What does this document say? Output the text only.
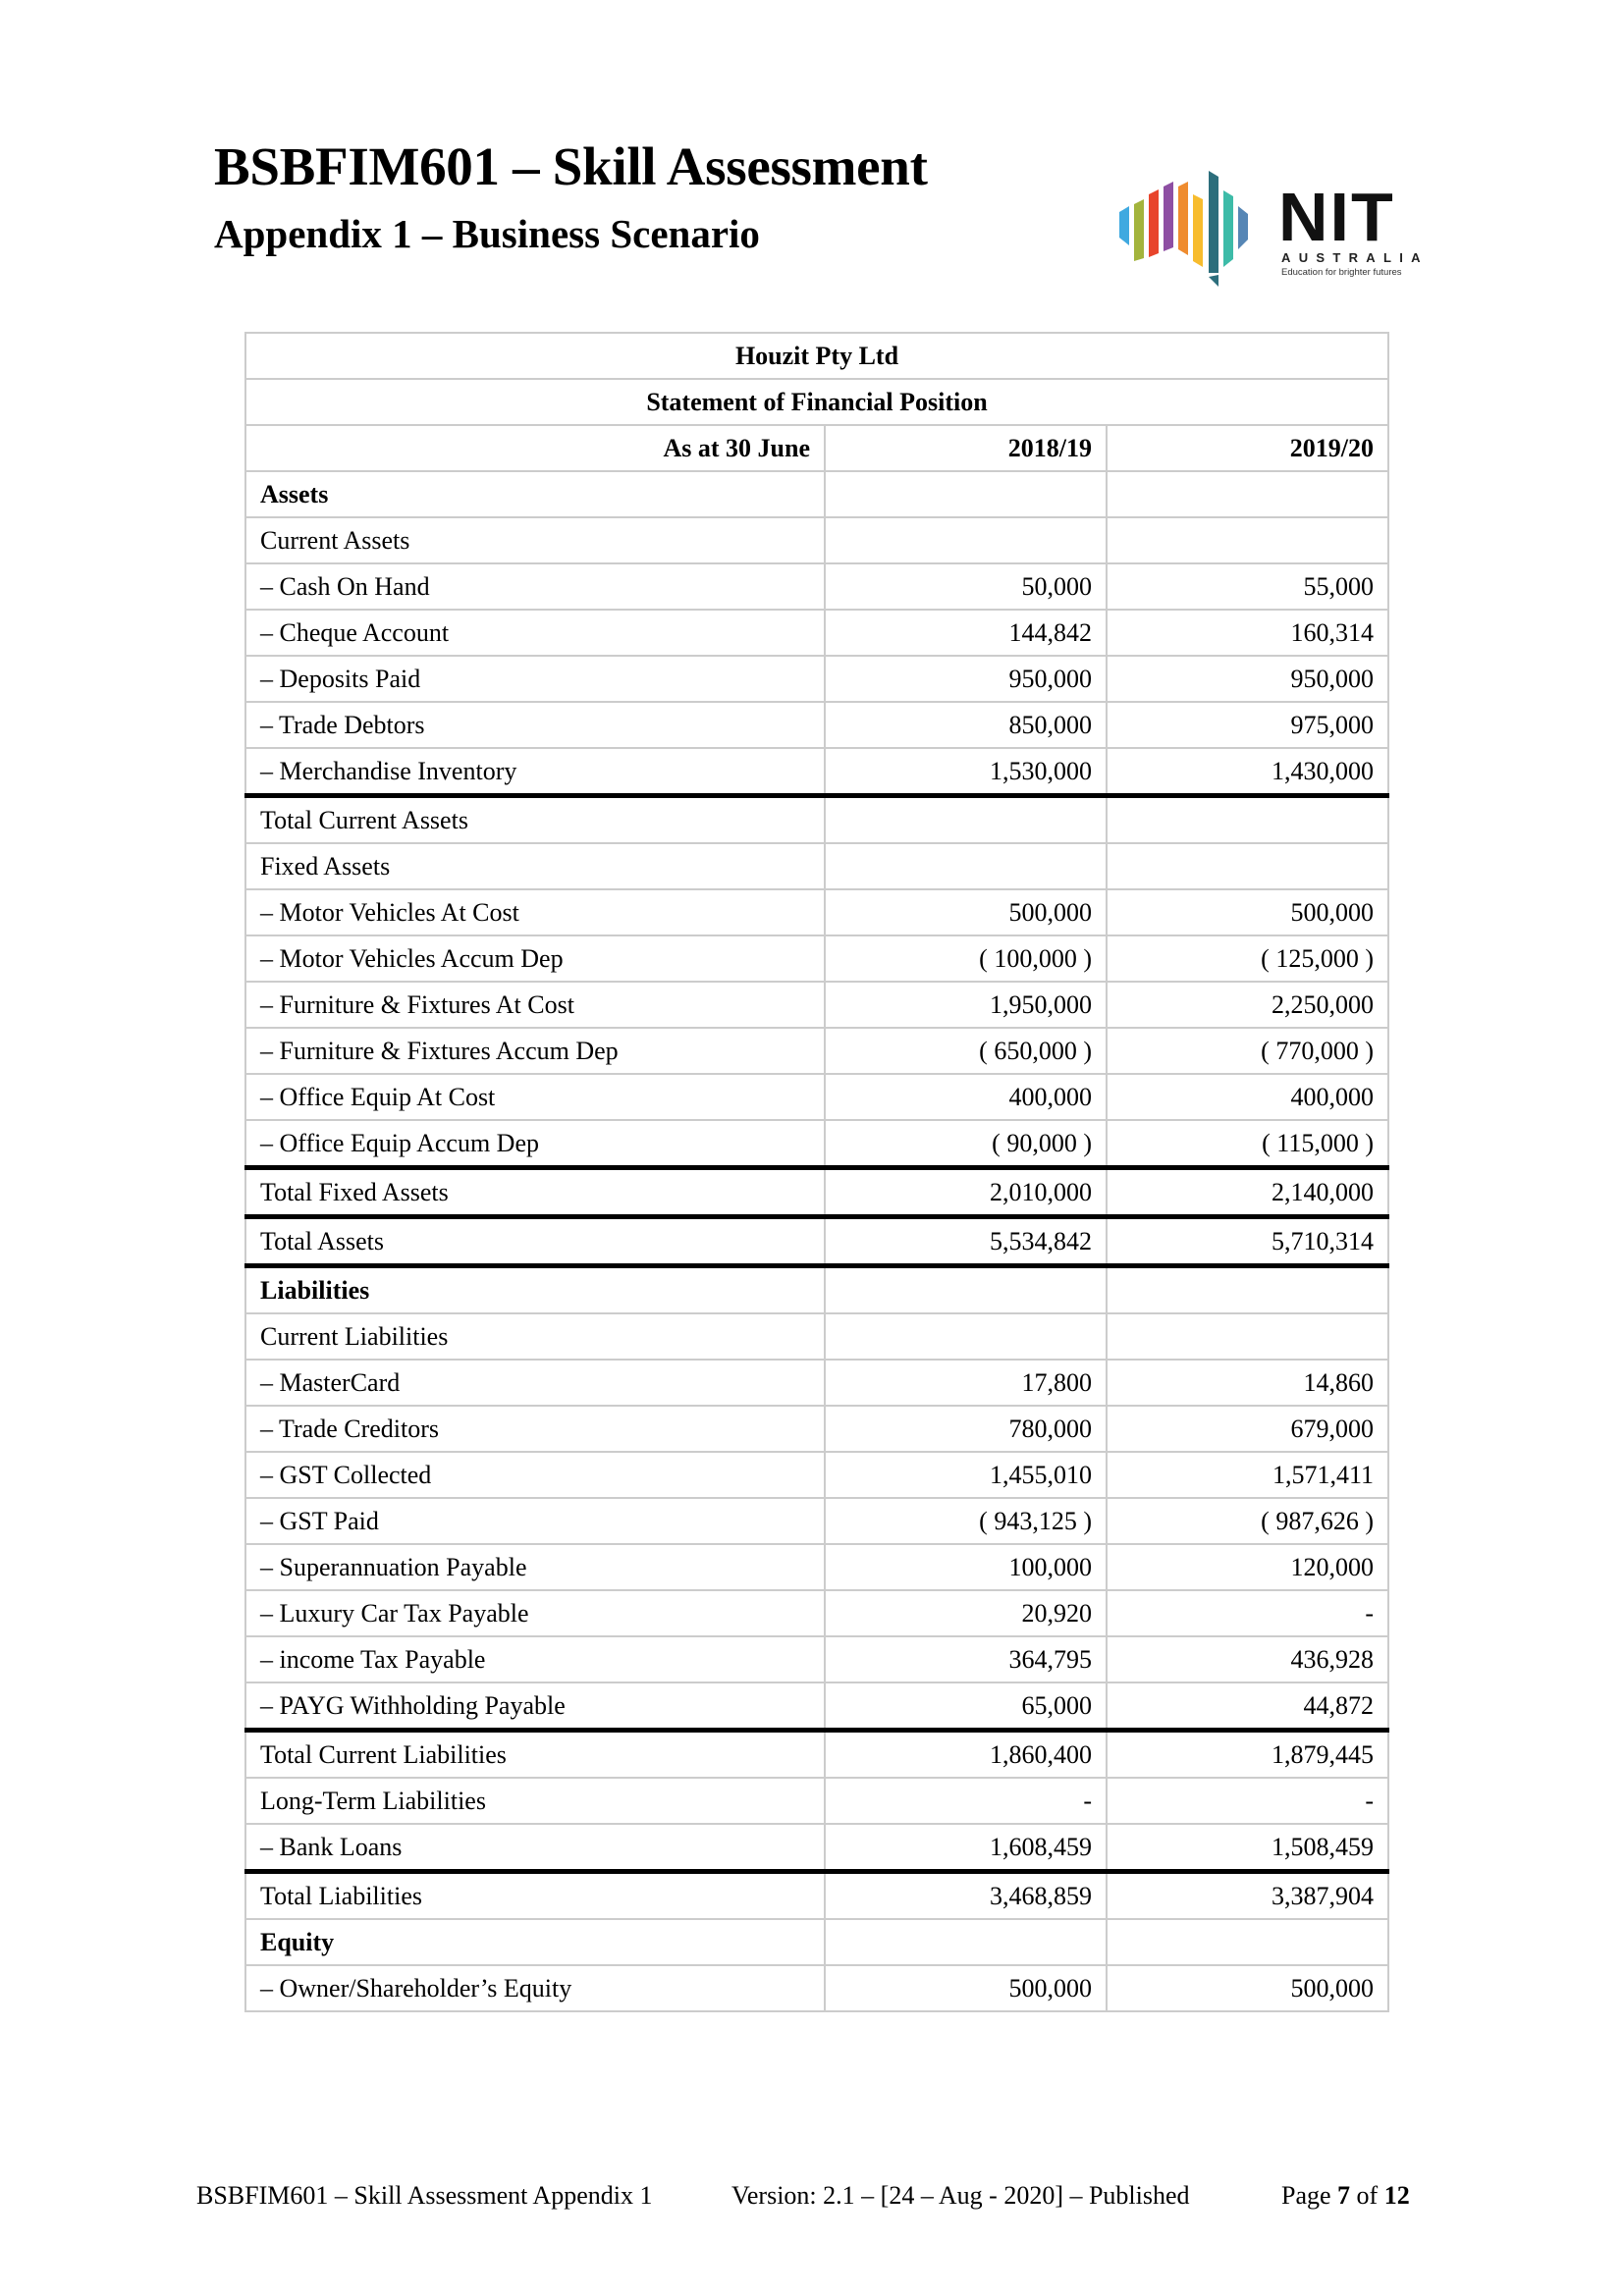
BSBFIM601 – Skill Assessment
Appendix 1 – Business Scenario	NIT
AUSTRALIA
Education for brighter futures
Houzit Pty Ltd		
Statement of Financial Position		
As at 30 June	2018/19	2019/20
Assets		
Current Assets		
– Cash On Hand	50,000	55,000
– Cheque Account	144,842	160,314
– Deposits Paid	950,000	950,000
– Trade Debtors	850,000	975,000
– Merchandise Inventory	1,530,000	1,430,000
Total Current Assets		
Fixed Assets		
– Motor Vehicles At Cost	500,000	500,000
– Motor Vehicles Accum Dep	( 100,000 )	( 125,000 )
– Furniture & Fixtures At Cost	1,950,000	2,250,000
– Furniture & Fixtures Accum Dep	( 650,000 )	( 770,000 )
– Office Equip At Cost	400,000	400,000
– Office Equip Accum Dep	( 90,000 )	( 115,000 )
Total Fixed Assets	2,010,000	2,140,000
Total Assets	5,534,842	5,710,314
Liabilities		
Current Liabilities		
– MasterCard	17,800	14,860
– Trade Creditors	780,000	679,000
– GST Collected	1,455,010	1,571,411
– GST Paid	( 943,125 )	( 987,626 )
– Superannuation Payable	100,000	120,000
– Luxury Car Tax Payable	20,920	-
– income Tax Payable	364,795	436,928
– PAYG Withholding Payable	65,000	44,872
Total Current Liabilities	1,860,400	1,879,445
Long-Term Liabilities	-	-
– Bank Loans	1,608,459	1,508,459
Total Liabilities	3,468,859	3,387,904
Equity		
– Owner/Shareholder’s Equity	500,000	500,000
BSBFIM601 – Skill Assessment Appendix 1	Version: 2.1 – [24 – Aug - 2020] – Published	Page 7 of 12
